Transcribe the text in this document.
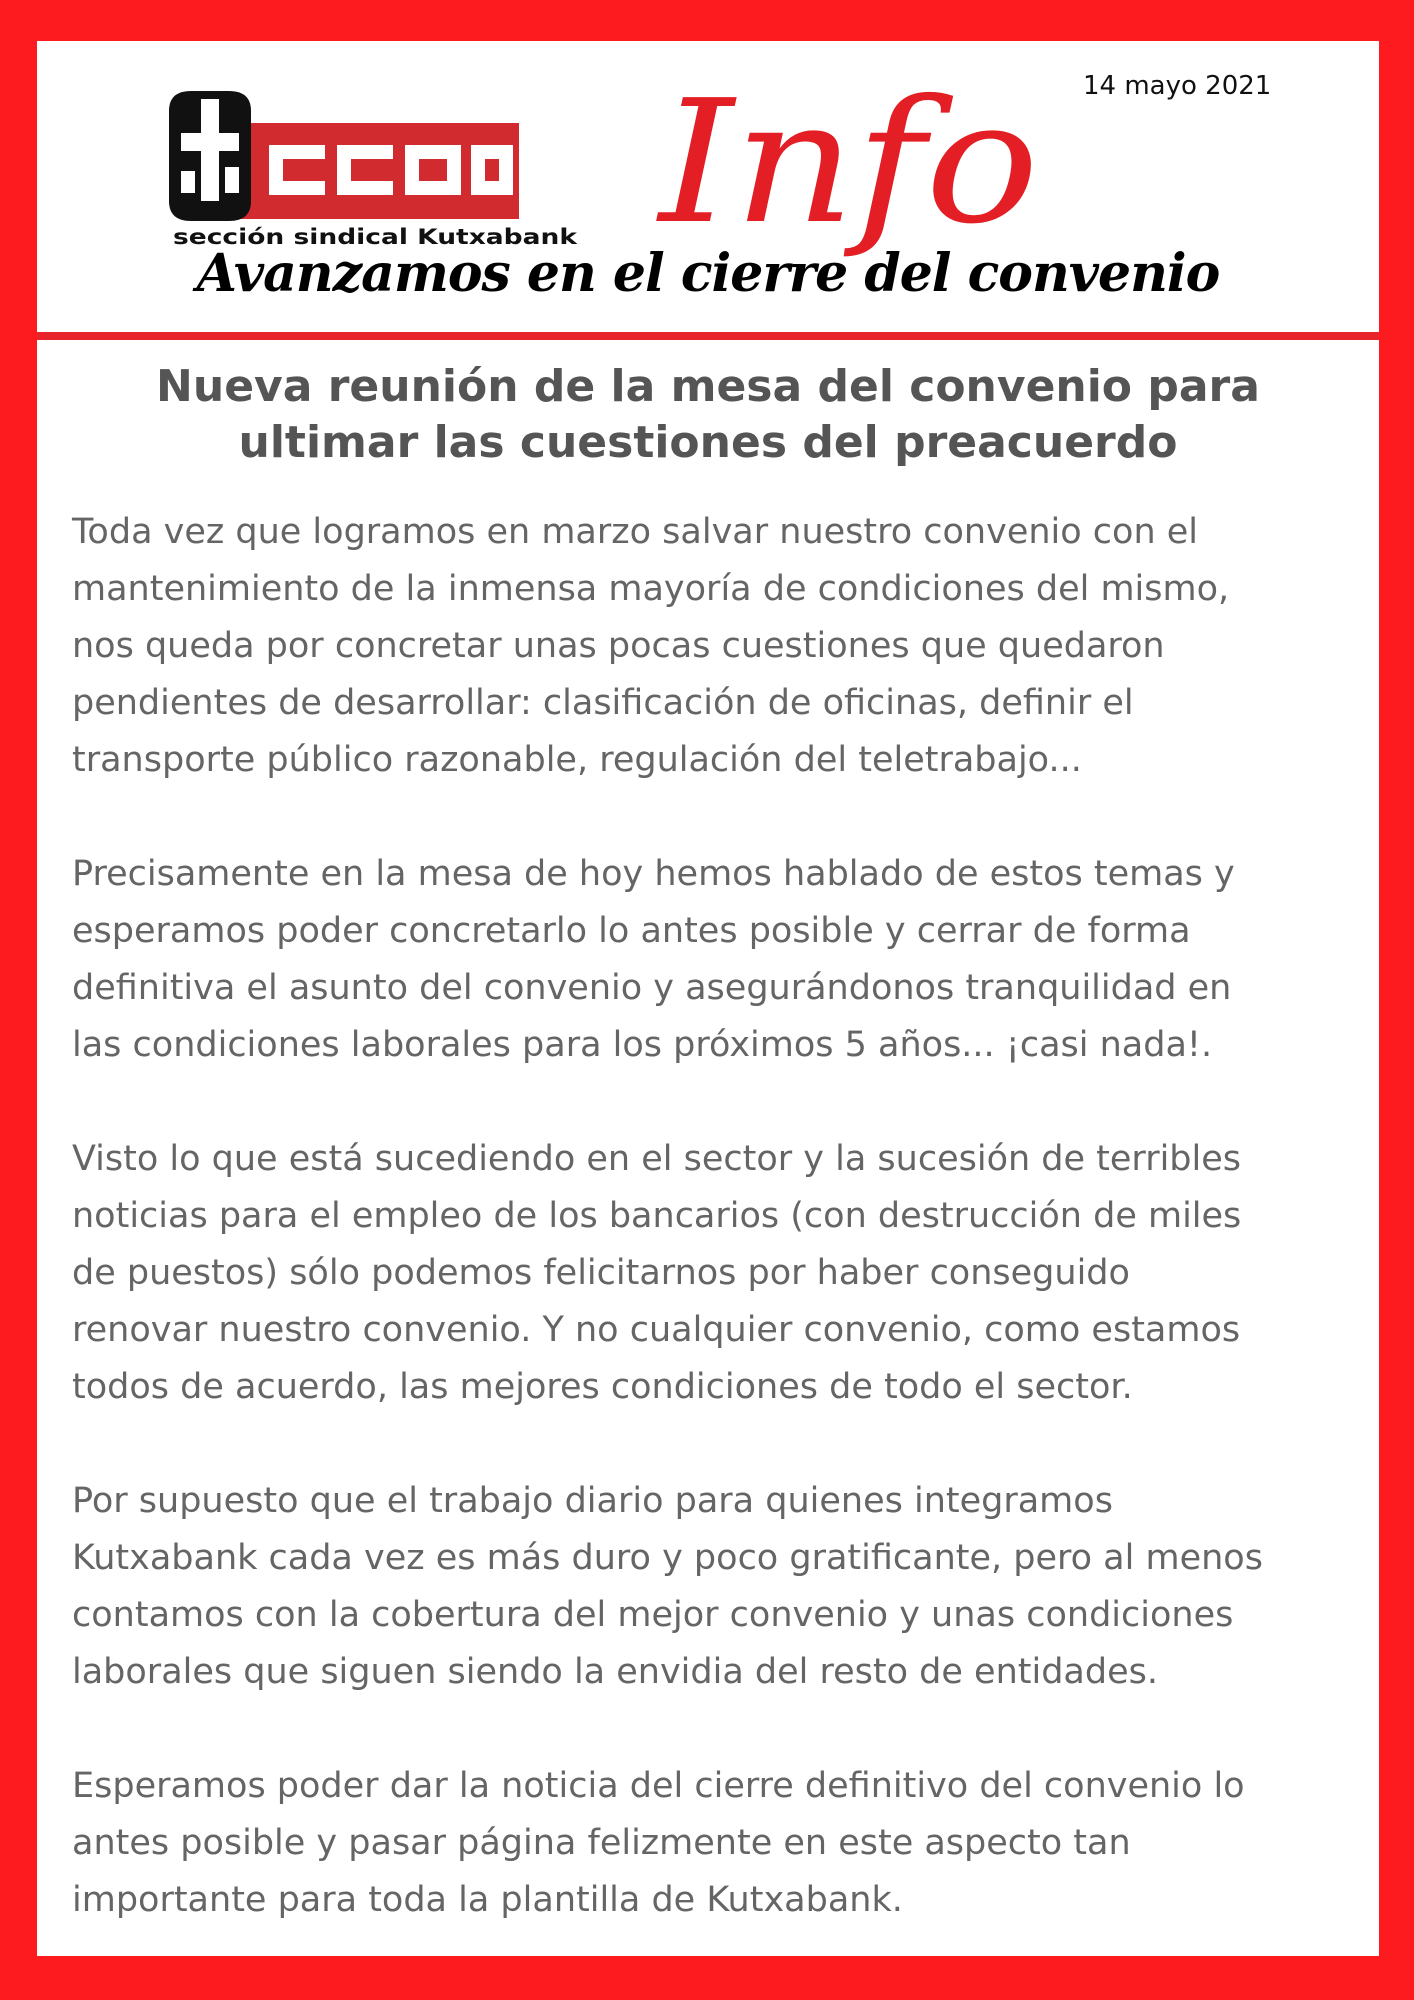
sección sindical Kutxabank Info 14 mayo 2021
Avanzamos en el cierre del convenio
Nueva reunión de la mesa del convenio para
ultimar las cuestiones del preacuerdo

Toda vez que logramos en marzo salvar nuestro convenio con el
mantenimiento de la inmensa mayoría de condiciones del mismo,
nos queda por concretar unas pocas cuestiones que quedaron
pendientes de desarrollar: clasificación de oficinas, definir el
transporte público razonable, regulación del teletrabajo...

Precisamente en la mesa de hoy hemos hablado de estos temas y
esperamos poder concretarlo lo antes posible y cerrar de forma
definitiva el asunto del convenio y asegurándonos tranquilidad en
las condiciones laborales para los próximos 5 años... ¡casi nada!.

Visto lo que está sucediendo en el sector y la sucesión de terribles
noticias para el empleo de los bancarios (con destrucción de miles
de puestos) sólo podemos felicitarnos por haber conseguido
renovar nuestro convenio. Y no cualquier convenio, como estamos
todos de acuerdo, las mejores condiciones de todo el sector.

Por supuesto que el trabajo diario para quienes integramos
Kutxabank cada vez es más duro y poco gratificante, pero al menos
contamos con la cobertura del mejor convenio y unas condiciones
laborales que siguen siendo la envidia del resto de entidades.

Esperamos poder dar la noticia del cierre definitivo del convenio lo
antes posible y pasar página felizmente en este aspecto tan
importante para toda la plantilla de Kutxabank.
